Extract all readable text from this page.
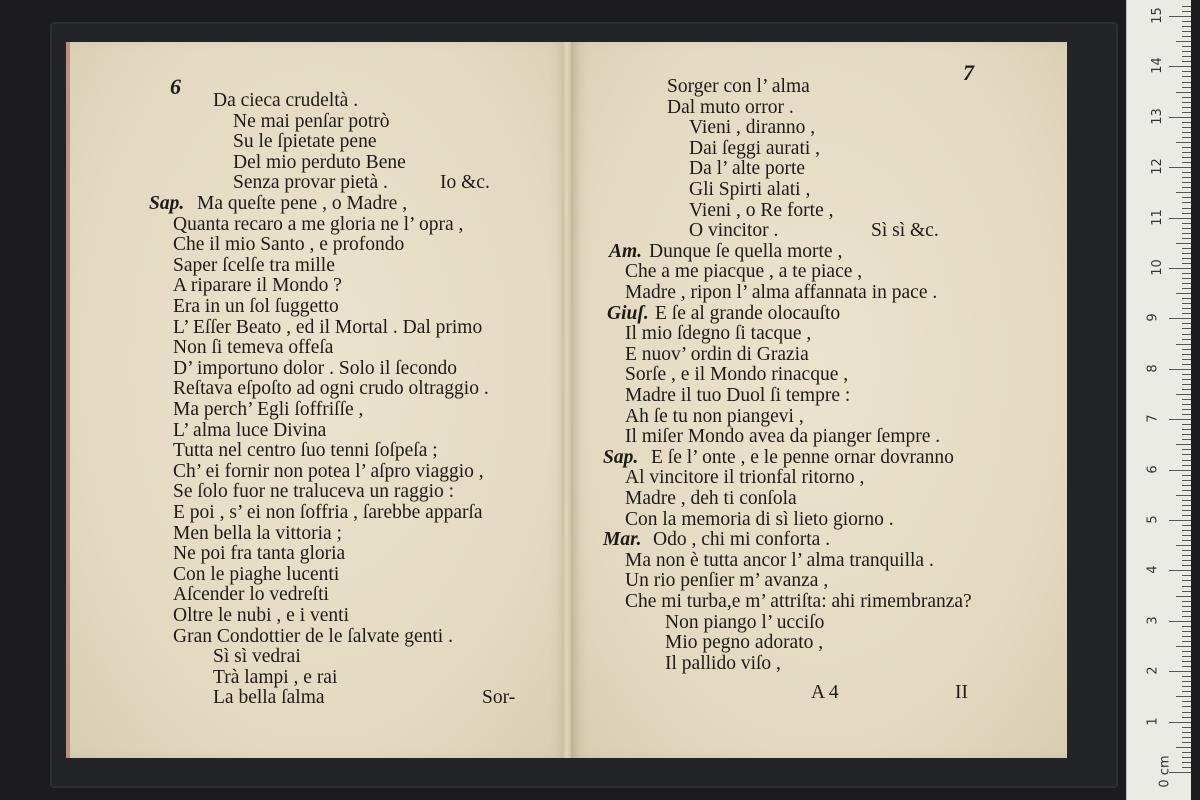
6
Da cieca crudeltà .
Ne mai penſar potrò
Su le ſpietate pene
Del mio perduto Bene
Senza provar pietà .	Io &c.
Sap. Ma queſte pene , o Madre ,
Quanta recaro a me gloria ne l’ opra ,
Che il mio Santo , e profondo
Saper ſcelſe tra mille
A riparare il Mondo ?
Era in un ſol ſuggetto
L’ Eſſer Beato , ed il Mortal . Dal primo
Non ſi temeva offeſa
D’ importuno dolor . Solo il ſecondo
Reſtava eſpoſto ad ogni crudo oltraggio .
Ma perch’ Egli ſoffriſſe ,
L’ alma luce Divina
Tutta nel centro ſuo tenni ſoſpeſa ;
Ch’ ei fornir non potea l’ aſpro viaggio ,
Se ſolo fuor ne traluceva un raggio :
E poi , s’ ei non ſoffria , ſarebbe apparſa
Men bella la vittoria ;
Ne poi fra tanta gloria
Con le piaghe lucenti
Aſcender lo vedreſti
Oltre le nubi , e i venti
Gran Condottier de le ſalvate genti .
Sì sì vedrai
Trà lampi , e rai
La bella ſalma	Sor-
7
Sorger con l’ alma
Dal muto orror .
Vieni , diranno ,
Dai ſeggi aurati ,
Da l’ alte porte
Gli Spirti alati ,
Vieni , o Re forte ,
O vincitor .	Sì sì &c.
Am. Dunque ſe quella morte ,
Che a me piacque , a te piace ,
Madre , ripon l’ alma affannata in pace .
Giuſ. E ſe al grande olocauſto
Il mio ſdegno ſi tacque ,
E nuov’ ordin di Grazia
Sorſe , e il Mondo rinacque ,
Madre il tuo Duol ſi tempre :
Ah ſe tu non piangevi ,
Il miſer Mondo avea da pianger ſempre .
Sap. E ſe l’ onte , e le penne ornar dovranno
Al vincitore il trionfal ritorno ,
Madre , deh ti conſola
Con la memoria di sì lieto giorno .
Mar. Odo , chi mi conforta .
Ma non è tutta ancor l’ alma tranquilla .
Un rio penſier m’ avanza ,
Che mi turba,e m’ attriſta: ahi rimembranza?
Non piango l’ ucciſo
Mio pegno adorato ,
Il pallido viſo ,
A 4	II
0 cm
1
2
3
4
5
6
7
8
9
10
11
12
13
14
15
